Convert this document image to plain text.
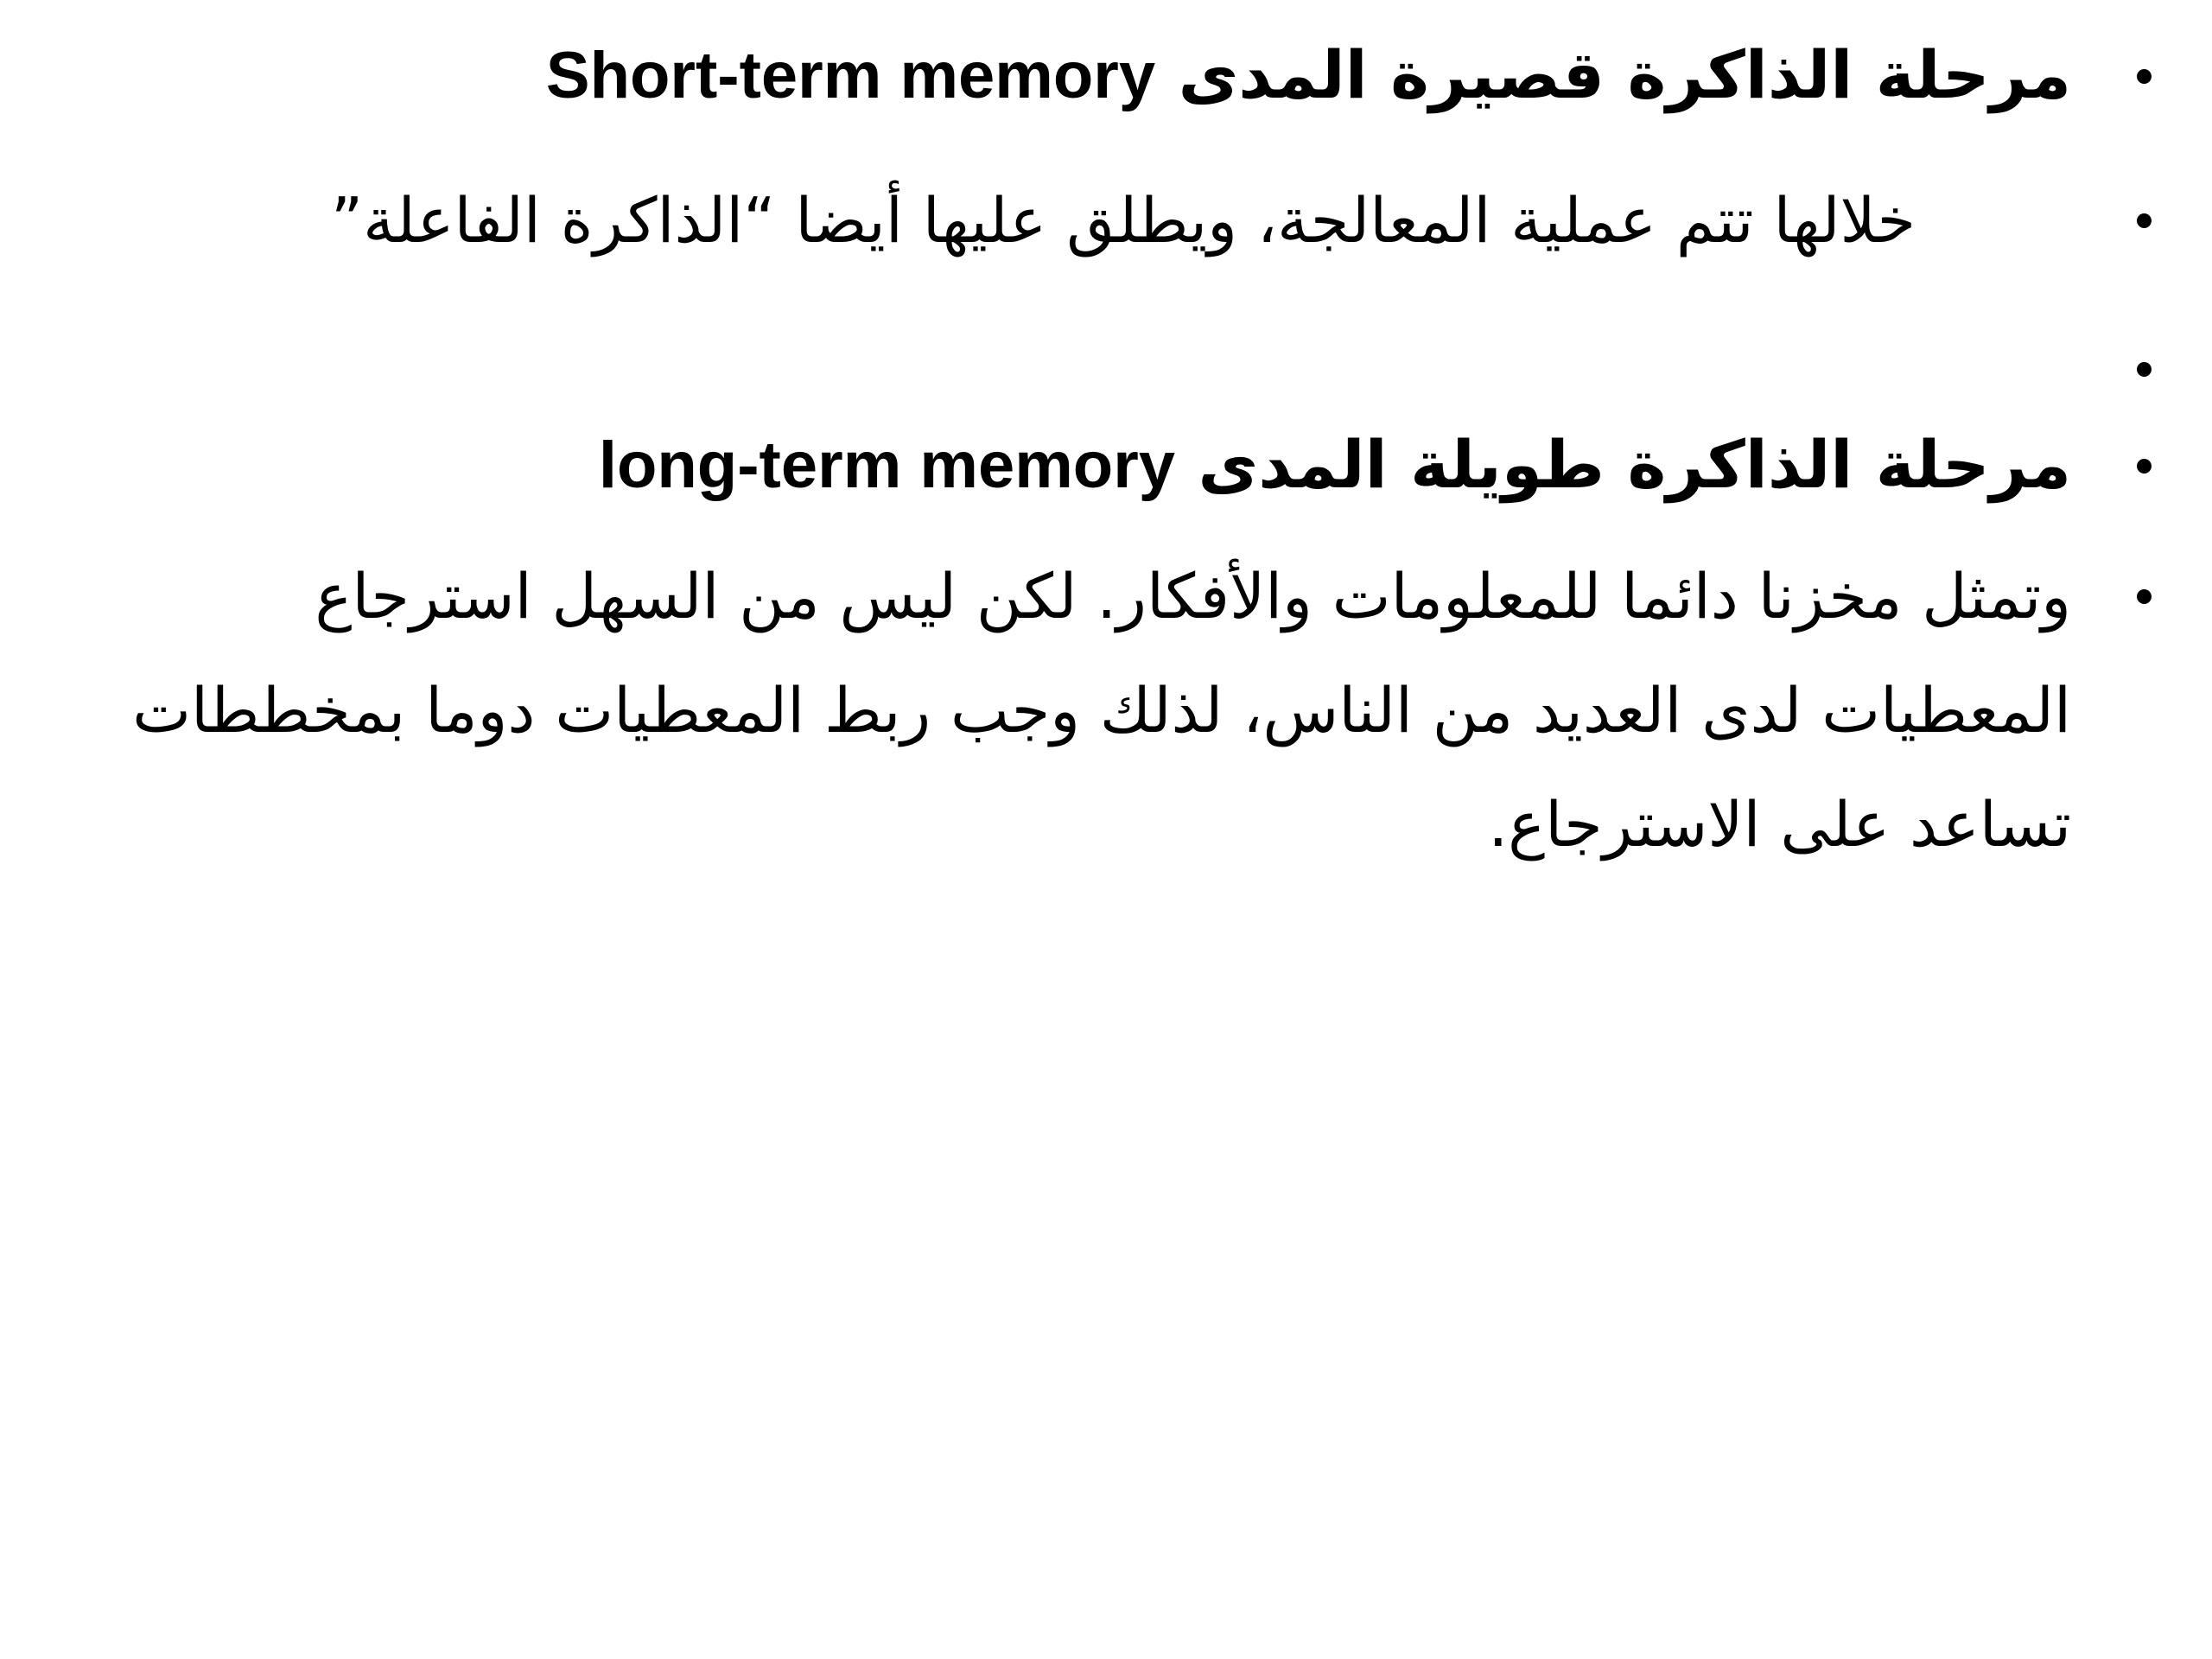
مرحلة الذاكرة قصيرة المدى Short-term memory
خلالها تتم عملية المعالجة، ويطلق عليها أيضا “الذاكرة الفاعلة”
مرحلة الذاكرة طويلة المدى long-term memory
وتمثل مخزنا دائما للمعلومات والأفكار. لكن ليس من السهل استرجاع المعطيات لدى العديد من الناس، لذلك وجب ربط المعطيات دوما بمخططات تساعد على الاسترجاع.
